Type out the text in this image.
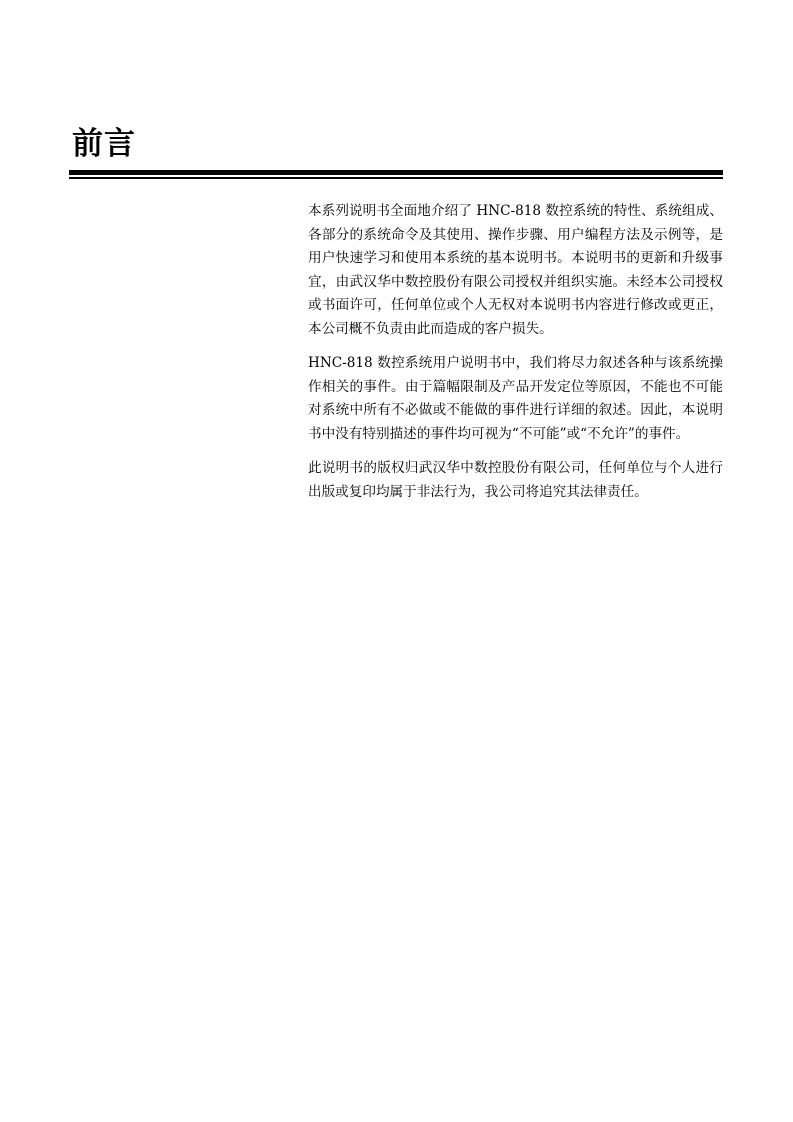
前言

本系列说明书全面地介绍了 HNC-818 数控系统的特性、系统组成、各部分的系统命令及其使用、操作步骤、用户编程方法及示例等，是用户快速学习和使用本系统的基本说明书。本说明书的更新和升级事宜，由武汉华中数控股份有限公司授权并组织实施。未经本公司授权或书面许可，任何单位或个人无权对本说明书内容进行修改或更正，本公司概不负责由此而造成的客户损失。

HNC-818 数控系统用户说明书中，我们将尽力叙述各种与该系统操作相关的事件。由于篇幅限制及产品开发定位等原因，不能也不可能对系统中所有不必做或不能做的事件进行详细的叙述。因此，本说明书中没有特别描述的事件均可视为“不可能”或“不允许”的事件。

此说明书的版权归武汉华中数控股份有限公司，任何单位与个人进行出版或复印均属于非法行为，我公司将追究其法律责任。
